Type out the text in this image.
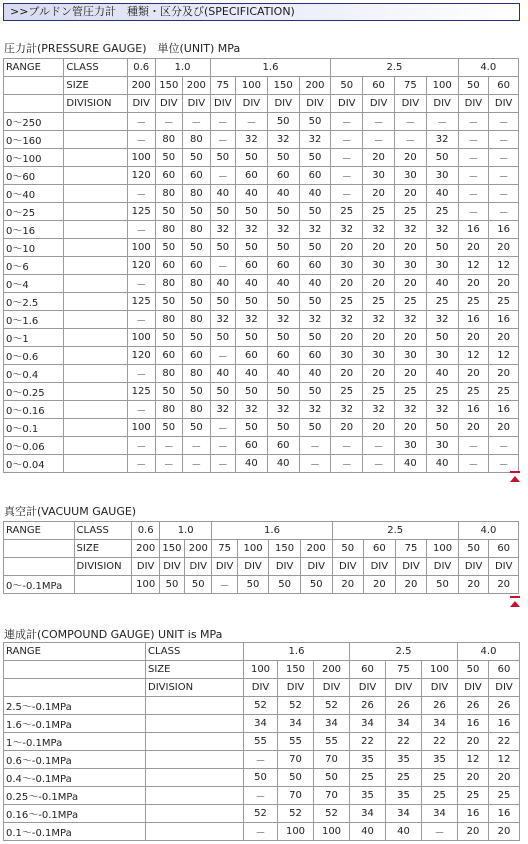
>>ブルドン管圧力計　種類・区分及び(SPECIFICATION)
圧力計(PRESSURE GAUGE)　単位(UNIT) MPa
RANGE	CLASS	0.6	1.0		1.6				2.5				4.0	
	SIZE	200	150	200	75	100	150	200	50	60	75	100	50	60
	DIVISION	DIV	DIV	DIV	DIV	DIV	DIV	DIV	DIV	DIV	DIV	DIV	DIV	DIV
0～250		－	－	－	－	－	50	50	－	－	－	－	－	－
0～160		－	80	80	－	32	32	32	－	－	－	32	－	－
0～100		100	50	50	50	50	50	50	－	20	20	50	－	－
0～60		120	60	60	－	60	60	60	－	30	30	30	－	－
0～40		－	80	80	40	40	40	40	－	20	20	40	－	－
0～25		125	50	50	50	50	50	50	25	25	25	25	－	－
0～16		－	80	80	32	32	32	32	32	32	32	32	16	16
0～10		100	50	50	50	50	50	50	20	20	20	50	20	20
0～6		120	60	60	－	60	60	60	30	30	30	30	12	12
0～4		－	80	80	40	40	40	40	20	20	20	40	20	20
0～2.5		125	50	50	50	50	50	50	25	25	25	25	25	25
0～1.6		－	80	80	32	32	32	32	32	32	32	32	16	16
0～1		100	50	50	50	50	50	50	20	20	20	50	20	20
0～0.6		120	60	60	－	60	60	60	30	30	30	30	12	12
0～0.4		－	80	80	40	40	40	40	20	20	20	40	20	20
0～0.25		125	50	50	50	50	50	50	25	25	25	25	25	25
0～0.16		－	80	80	32	32	32	32	32	32	32	32	16	16
0～0.1		100	50	50	－	50	50	50	20	20	20	50	20	20
0～0.06		－	－	－	－	60	60	－	－	－	30	30	－	－
0～0.04		－	－	－	－	40	40	－	－	－	40	40	－	－
真空計(VACUUM GAUGE)
RANGE	CLASS	0.6	1.0		1.6				2.5				4.0	
	SIZE	200	150	200	75	100	150	200	50	60	75	100	50	60
	DIVISION	DIV	DIV	DIV	DIV	DIV	DIV	DIV	DIV	DIV	DIV	DIV	DIV	DIV
0～-0.1MPa		100	50	50	－	50	50	50	20	20	20	50	20	20
連成計(COMPOUND GAUGE) UNIT is MPa
RANGE	CLASS	1.6			2.5			4.0	
	SIZE	100	150	200	60	75	100	50	60
	DIVISION	DIV	DIV	DIV	DIV	DIV	DIV	DIV	DIV
2.5～-0.1MPa		52	52	52	26	26	26	26	26
1.6～-0.1MPa		34	34	34	34	34	34	16	16
1～-0.1MPa		55	55	55	22	22	22	20	22
0.6～-0.1MPa		－	70	70	35	35	35	12	12
0.4～-0.1MPa		50	50	50	25	25	25	20	20
0.25～-0.1MPa		－	70	70	35	35	25	25	25
0.16～-0.1MPa		52	52	52	34	34	34	16	16
0.1～-0.1MPa		－	100	100	40	40	－	20	20
